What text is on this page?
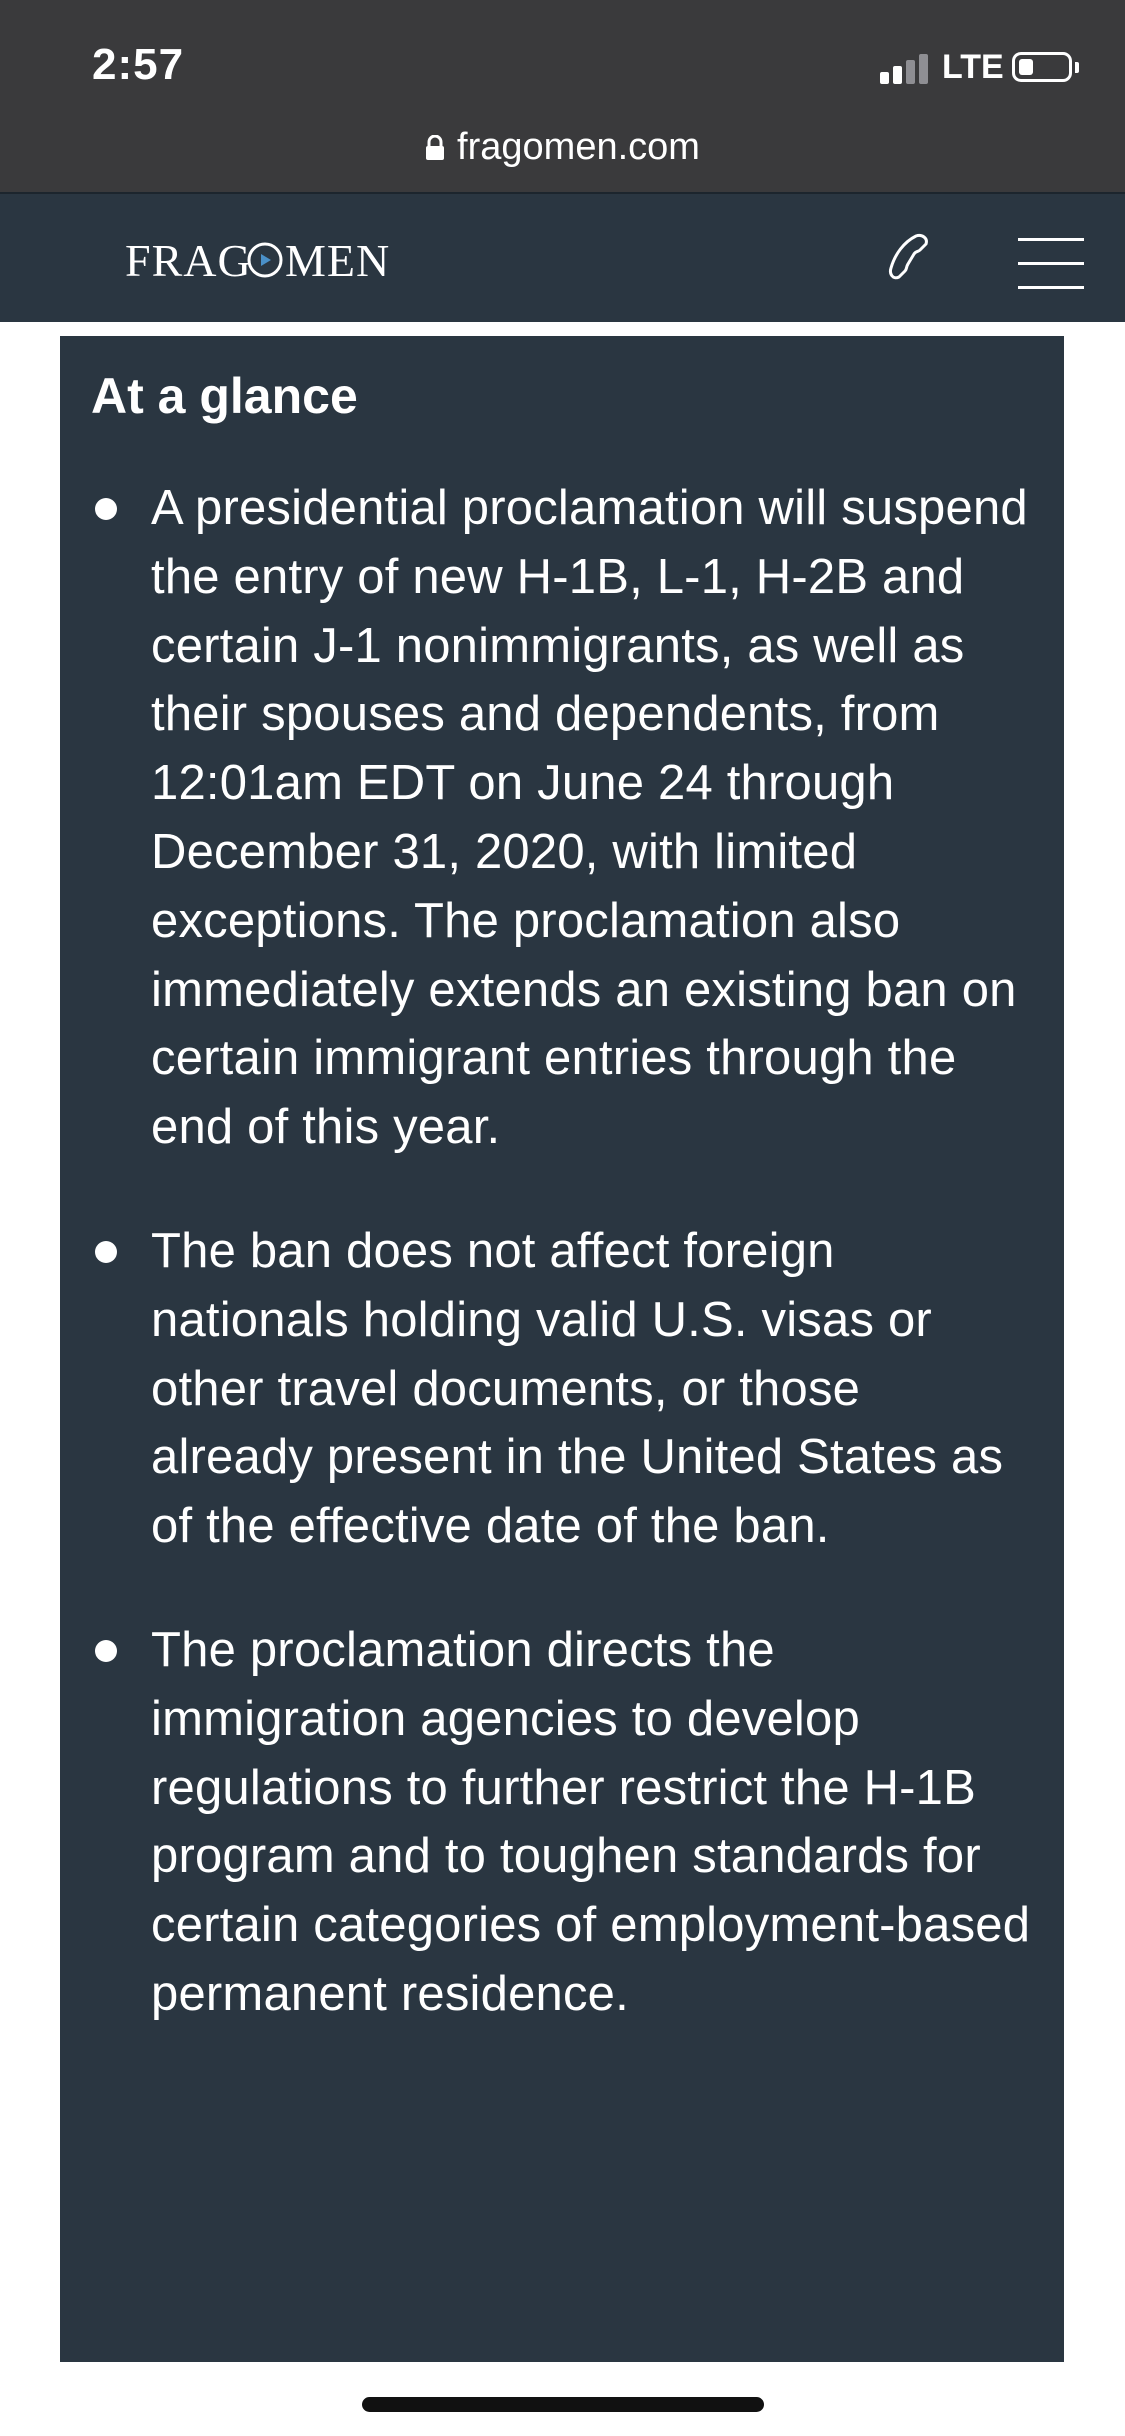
2:57	LTE
fragomen.com
FRAG MEN
At a glance
A presidential proclamation will suspend the entry of new H-1B, L-1, H-2B and certain J-1 nonimmigrants, as well as their spouses and dependents, from 12:01am EDT on June 24 through December 31, 2020, with limited exceptions. The proclamation also immediately extends an existing ban on certain immigrant entries through the end of this year.
The ban does not affect foreign nationals holding valid U.S. visas or other travel documents, or those already present in the United States as of the effective date of the ban.
The proclamation directs the immigration agencies to develop regulations to further restrict the H-1B program and to toughen standards for certain categories of employment-based permanent residence.
